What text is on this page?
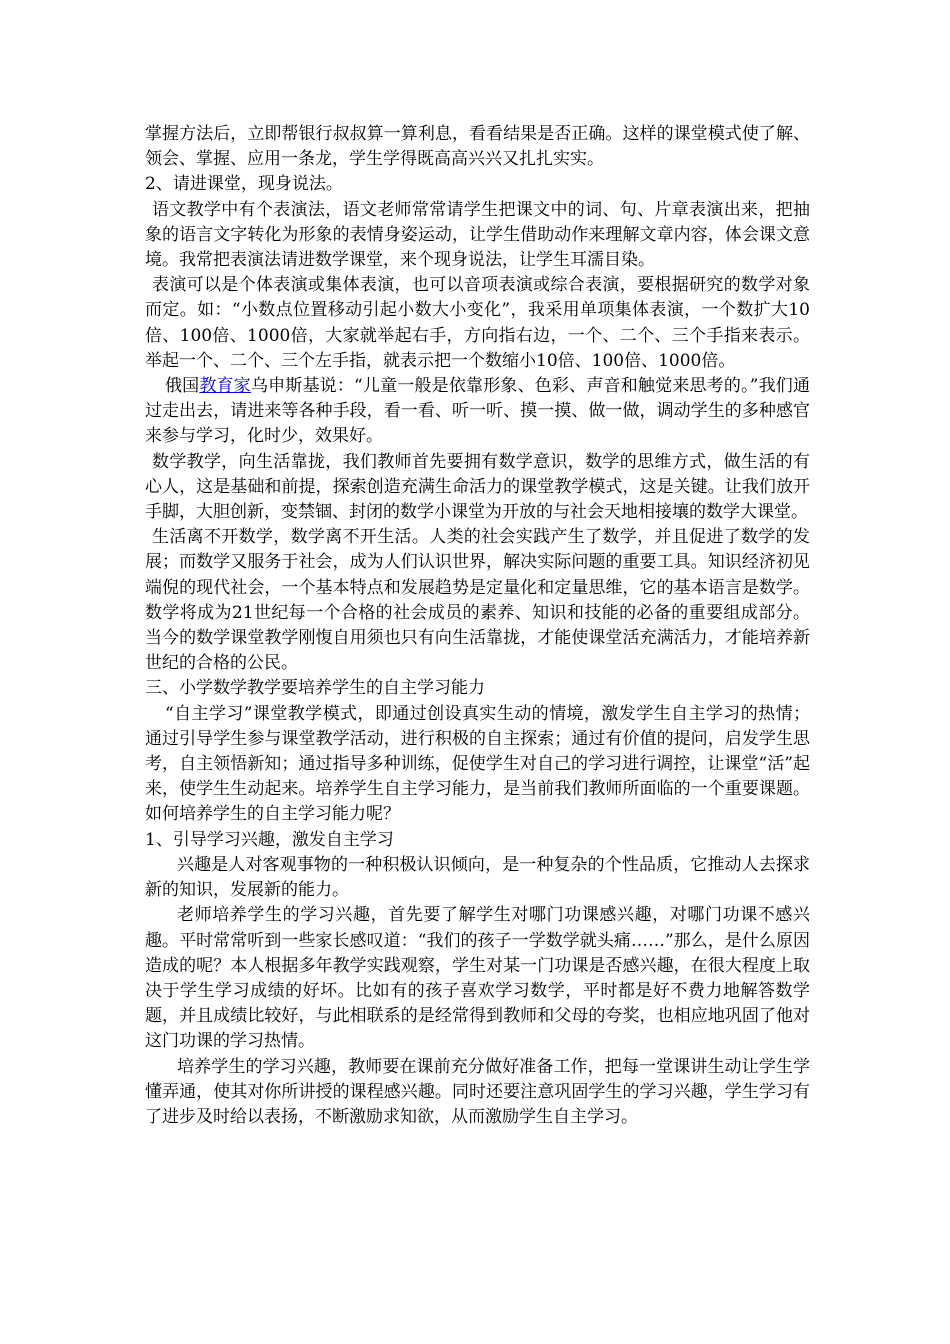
掌握方法后，立即帮银行叔叔算一算利息，看看结果是否正确。这样的课堂模式使了解、领会、掌握、应用一条龙，学生学得既高高兴兴又扎扎实实。

2、请进课堂，现身说法。

语文教学中有个表演法，语文老师常常请学生把课文中的词、句、片章表演出来，把抽象的语言文字转化为形象的表情身姿运动，让学生借助动作来理解文章内容，体会课文意境。我常把表演法请进数学课堂，来个现身说法，让学生耳濡目染。

表演可以是个体表演或集体表演，也可以音项表演或综合表演，要根据研究的数学对象而定。如：“小数点位置移动引起小数大小变化”，我采用单项集体表演，一个数扩大10倍、100倍、1000倍，大家就举起右手，方向指右边，一个、二个、三个手指来表示。举起一个、二个、三个左手指，就表示把一个数缩小10倍、100倍、1000倍。

俄国教育家乌申斯基说：“儿童一般是依靠形象、色彩、声音和触觉来思考的。”我们通过走出去，请进来等各种手段，看一看、听一听、摸一摸、做一做，调动学生的多种感官来参与学习，化时少，效果好。

数学教学，向生活靠拢，我们教师首先要拥有数学意识，数学的思维方式，做生活的有心人，这是基础和前提，探索创造充满生命活力的课堂教学模式，这是关键。让我们放开手脚，大胆创新，变禁锢、封闭的数学小课堂为开放的与社会天地相接壤的数学大课堂。

生活离不开数学，数学离不开生活。人类的社会实践产生了数学，并且促进了数学的发展；而数学又服务于社会，成为人们认识世界，解决实际问题的重要工具。知识经济初见端倪的现代社会，一个基本特点和发展趋势是定量化和定量思维，它的基本语言是数学。数学将成为21世纪每一个合格的社会成员的素养、知识和技能的必备的重要组成部分。当今的数学课堂教学刚愎自用须也只有向生活靠拢，才能使课堂活充满活力，才能培养新世纪的合格的公民。

三、小学数学教学要培养学生的自主学习能力

“自主学习”课堂教学模式，即通过创设真实生动的情境，激发学生自主学习的热情；通过引导学生参与课堂教学活动，进行积极的自主探索；通过有价值的提问，启发学生思考，自主领悟新知；通过指导多种训练，促使学生对自己的学习进行调控，让课堂“活”起来，使学生生动起来。培养学生自主学习能力，是当前我们教师所面临的一个重要课题。如何培养学生的自主学习能力呢？

1、引导学习兴趣，激发自主学习

兴趣是人对客观事物的一种积极认识倾向，是一种复杂的个性品质，它推动人去探求新的知识，发展新的能力。

老师培养学生的学习兴趣，首先要了解学生对哪门功课感兴趣，对哪门功课不感兴趣。平时常常听到一些家长感叹道：“我们的孩子一学数学就头痛……”那么，是什么原因造成的呢？本人根据多年教学实践观察，学生对某一门功课是否感兴趣，在很大程度上取决于学生学习成绩的好坏。比如有的孩子喜欢学习数学，平时都是好不费力地解答数学题，并且成绩比较好，与此相联系的是经常得到教师和父母的夸奖，也相应地巩固了他对这门功课的学习热情。

培养学生的学习兴趣，教师要在课前充分做好准备工作，把每一堂课讲生动让学生学懂弄通，使其对你所讲授的课程感兴趣。同时还要注意巩固学生的学习兴趣，学生学习有了进步及时给以表扬，不断激励求知欲，从而激励学生自主学习。
